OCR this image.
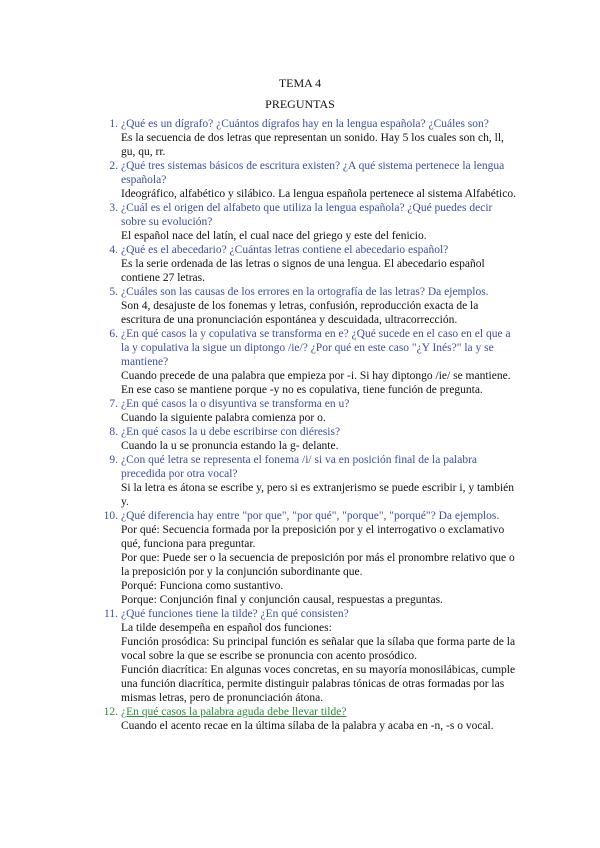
TEMA 4
PREGUNTAS
1. ¿Qué es un dígrafo? ¿Cuántos dígrafos hay en la lengua española? ¿Cuáles son?

Es la secuencia de dos letras que representan un sonido. Hay 5 los cuales son ch, ll, gu, qu, rr.

2. ¿Qué tres sistemas básicos de escritura existen? ¿A qué sistema pertenece la lengua española?

Ideográfico, alfabético y silábico. La lengua española pertenece al sistema Alfabético.

3. ¿Cuál es el origen del alfabeto que utiliza la lengua española? ¿Qué puedes decir sobre su evolución?

El español nace del latín, el cual nace del griego y este del fenicio.

4. ¿Qué es el abecedario? ¿Cuántas letras contiene el abecedario español?

Es la serie ordenada de las letras o signos de una lengua. El abecedario español contiene 27 letras.

5. ¿Cuáles son las causas de los errores en la ortografía de las letras? Da ejemplos.

Son 4, desajuste de los fonemas y letras, confusión, reproducción exacta de la escritura de una pronunciación espontánea y descuidada, ultracorrección.

6. ¿En qué casos la y copulativa se transforma en e? ¿Qué sucede en el caso en el que a la y copulativa la sigue un diptongo /ie/? ¿Por qué en este caso "¿Y Inés?" la y se mantiene?

Cuando precede de una palabra que empieza por -i. Si hay diptongo /ie/ se mantiene. En ese caso se mantiene porque -y no es copulativa, tiene función de pregunta.

7. ¿En qué casos la o disyuntiva se transforma en u?

Cuando la siguiente palabra comienza por o.

8. ¿En qué casos la u debe escribirse con diéresis?

Cuando la u se pronuncia estando la g- delante.

9. ¿Con qué letra se representa el fonema /i/ si va en posición final de la palabra precedida por otra vocal?

Si la letra es átona se escribe y, pero si es extranjerismo se puede escribir i, y también y.

10. ¿Qué diferencia hay entre "por que", "por qué", "porque", "porqué"? Da ejemplos.

Por qué: Secuencia formada por la preposición por y el interrogativo o exclamativo qué, funciona para preguntar.

Por que: Puede ser o la secuencia de preposición por más el pronombre relativo que o la preposición por y la conjunción subordinante que.

Porqué: Funciona como sustantivo.

Porque: Conjunción final y conjunción causal, respuestas a preguntas.

11. ¿Qué funciones tiene la tilde? ¿En qué consisten?

La tilde desempeña en español dos funciones:

Función prosódica: Su principal función es señalar que la sílaba que forma parte de la vocal sobre la que se escribe se pronuncia con acento prosódico.

Función diacrítica: En algunas voces concretas, en su mayoría monosilábicas, cumple una función diacrítica, permite distinguir palabras tónicas de otras formadas por las mismas letras, pero de pronunciación átona.

12. ¿En qué casos la palabra aguda debe llevar tilde?

Cuando el acento recae en la última sílaba de la palabra y acaba en -n, -s o vocal.
